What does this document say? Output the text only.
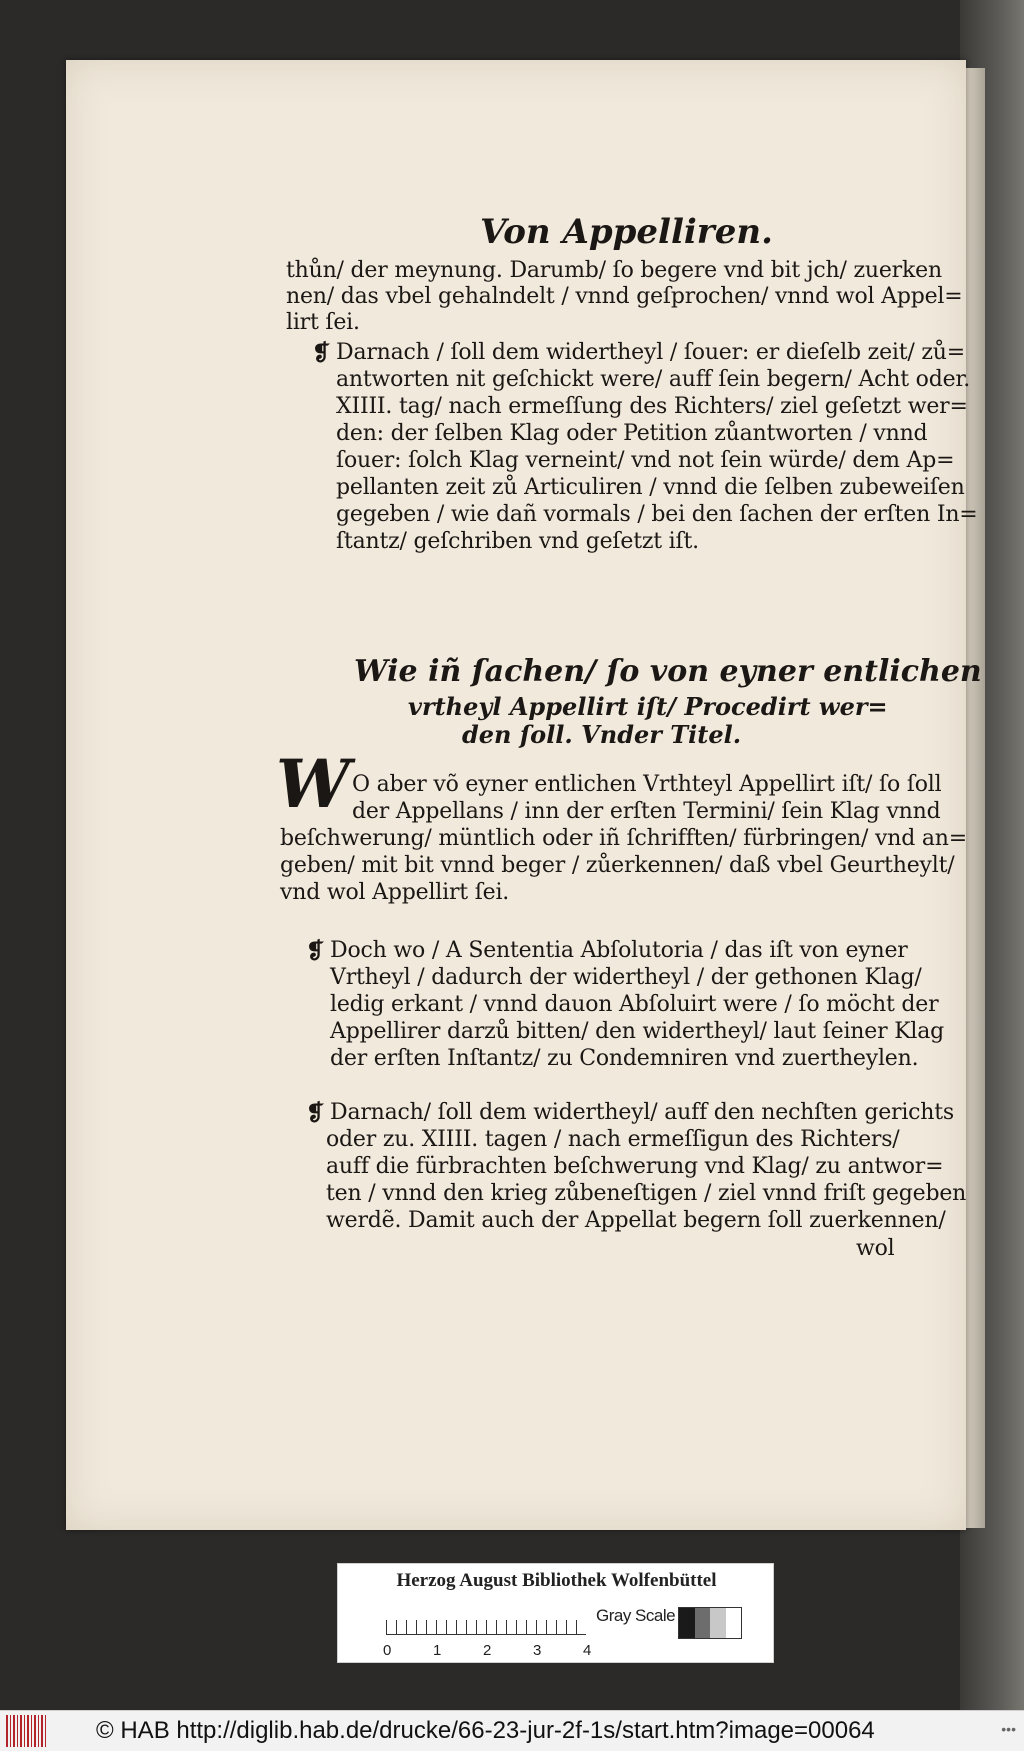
Von Appelliren.
thůn/ der meynung. Darumb/ ſo begere vnd bit jch/ zuerken
nen/ das vbel gehalndelt / vnnd geſprochen/ vnnd wol Appel=
lirt ſei.
❡ Darnach / ſoll dem widertheyl / ſouer: er dieſelb zeit/ zů=
antworten nit geſchickt were/ auff ſein begern/ Acht oder.
XIIII. tag/ nach ermeſſung des Richters/ ziel geſetzt wer=
den: der ſelben Klag oder Petition zůantworten / vnnd
ſouer: ſolch Klag verneint/ vnd not ſein würde/ dem Ap=
pellanten zeit zů Articuliren / vnnd die ſelben zubeweiſen
gegeben / wie dañ vormals / bei den ſachen der erſten In=
ſtantz/ geſchriben vnd geſetzt iſt.
Wie iñ ſachen/ ſo von eyner entlichen
vrtheyl Appellirt iſt/ Procedirt wer=
den ſoll. Vnder Titel.
W O aber võ eyner entlichen Vrthteyl Appellirt iſt/ ſo ſoll
der Appellans / inn der erſten Termini/ ſein Klag vnnd
beſchwerung/ müntlich oder iñ ſchrifften/ fürbringen/ vnd an=
geben/ mit bit vnnd beger / zůerkennen/ daß vbel Geurtheylt/
vnd wol Appellirt ſei.
❡ Doch wo / A Sententia Abſolutoria / das iſt von eyner
Vrtheyl / dadurch der widertheyl / der gethonen Klag/
ledig erkant / vnnd dauon Abſoluirt were / ſo möcht der
Appellirer darzů bitten/ den widertheyl/ laut ſeiner Klag
der erſten Inſtantz/ zu Condemniren vnd zuertheylen.
❡ Darnach/ ſoll dem widertheyl/ auff den nechſten gerichts
oder zu. XIIII. tagen / nach ermeſſigun des Richters/
auff die fürbrachten beſchwerung vnd Klag/ zu antwor=
ten / vnnd den krieg zůbeneſtigen / ziel vnnd friſt gegeben
werdẽ. Damit auch der Appellat begern ſoll zuerkennen/
wol
Herzog August Bibliothek Wolfenbüttel
0	1	2	3	4
Gray Scale
© HAB http://diglib.hab.de/drucke/66-23-jur-2f-1s/start.htm?image=00064	•••
